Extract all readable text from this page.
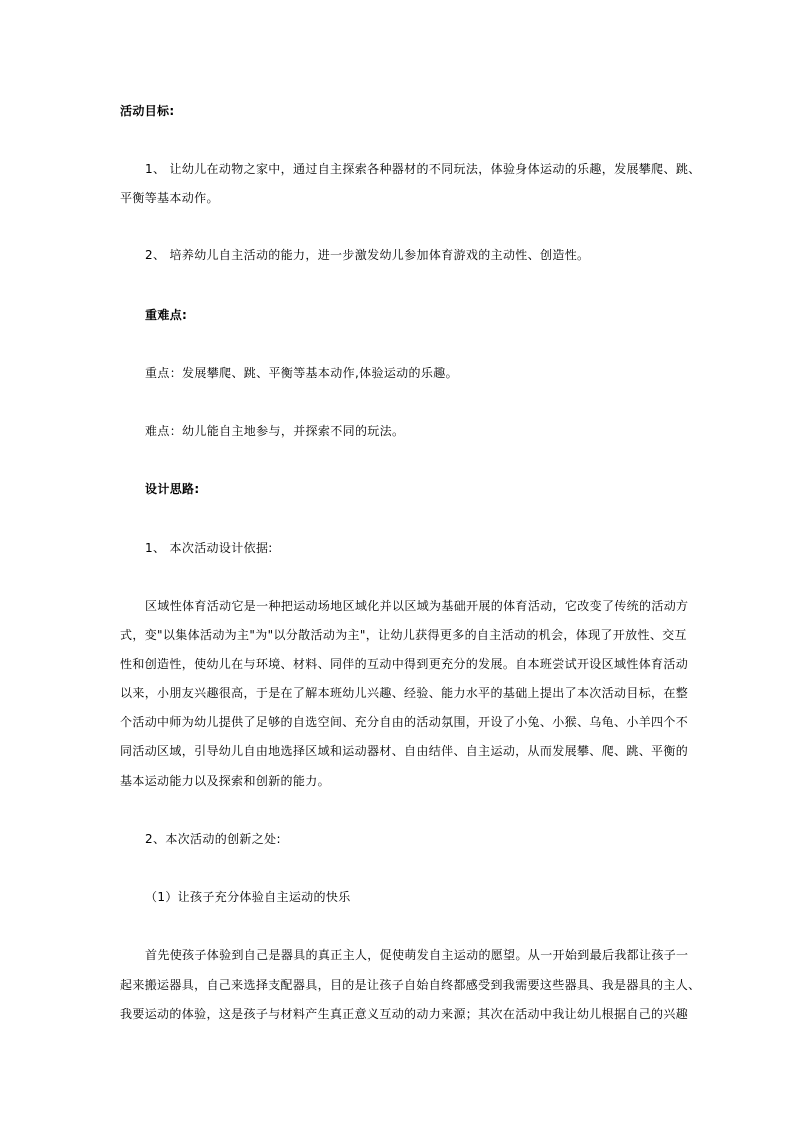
活动目标:
1、 让幼儿在动物之家中，通过自主探索各种器材的不同玩法，体验身体运动的乐趣，发展攀爬、跳、
平衡等基本动作。
2、 培养幼儿自主活动的能力，进一步激发幼儿参加体育游戏的主动性、创造性。
重难点:
重点：发展攀爬、跳、平衡等基本动作,体验运动的乐趣。
难点：幼儿能自主地参与，并探索不同的玩法。
设计思路:
1、 本次活动设计依据:
区域性体育活动它是一种把运动场地区域化并以区域为基础开展的体育活动，它改变了传统的活动方
式，变"以集体活动为主"为"以分散活动为主"，让幼儿获得更多的自主活动的机会，体现了开放性、交互
性和创造性，使幼儿在与环境、材料、同伴的互动中得到更充分的发展。自本班尝试开设区域性体育活动
以来，小朋友兴趣很高，于是在了解本班幼儿兴趣、经验、能力水平的基础上提出了本次活动目标，在整
个活动中师为幼儿提供了足够的自选空间、充分自由的活动氛围，开设了小兔、小猴、乌龟、小羊四个不
同活动区域，引导幼儿自由地选择区域和运动器材、自由结伴、自主运动，从而发展攀、爬、跳、平衡的
基本运动能力以及探索和创新的能力。
2、本次活动的创新之处:
（1）让孩子充分体验自主运动的快乐
首先使孩子体验到自己是器具的真正主人，促使萌发自主运动的愿望。从一开始到最后我都让孩子一
起来搬运器具，自己来选择支配器具，目的是让孩子自始自终都感受到我需要这些器具、我是器具的主人、
我要运动的体验，这是孩子与材料产生真正意义互动的动力来源；其次在活动中我让幼儿根据自己的兴趣
